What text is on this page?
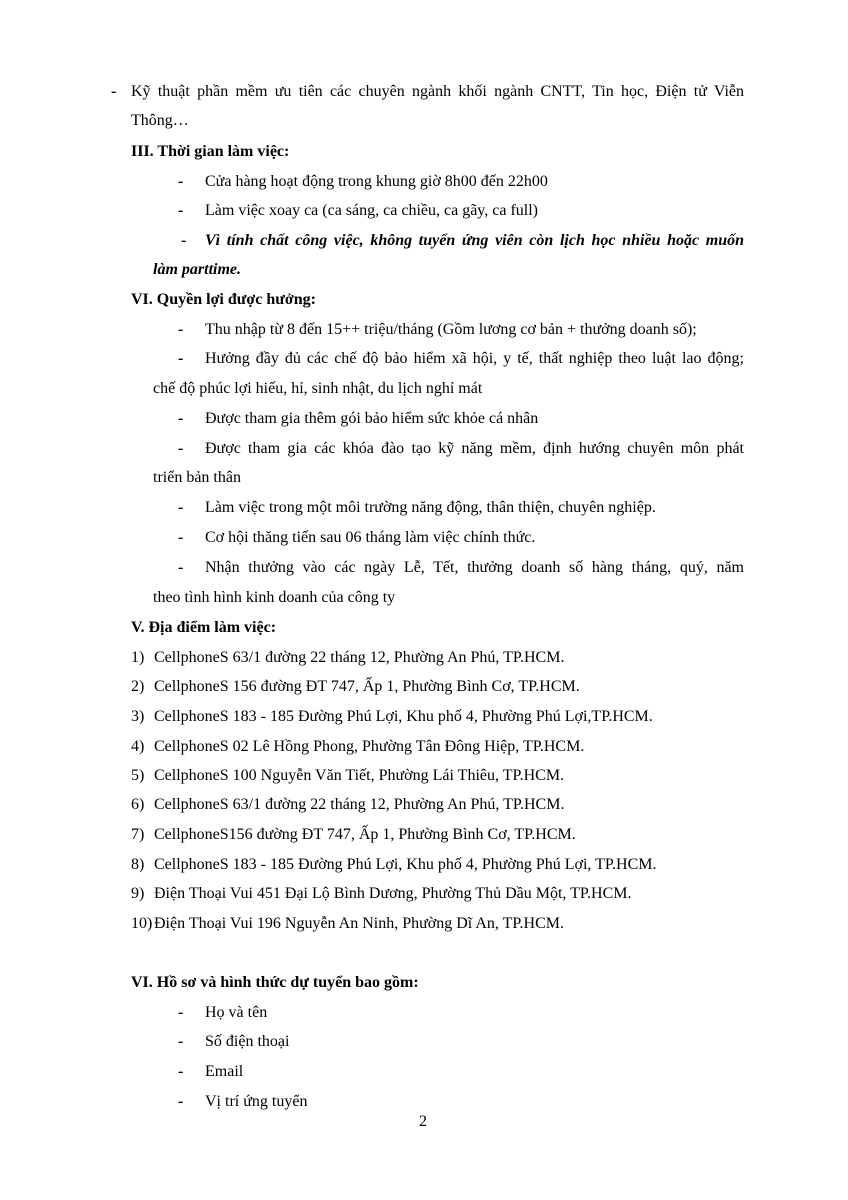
- Kỹ thuật phần mềm ưu tiên các chuyên ngành khối ngành CNTT, Tin học, Điện tử Viễn
Thông…
III. Thời gian làm việc:
- Cửa hàng hoạt động trong khung giờ 8h00 đến 22h00
- Làm việc xoay ca (ca sáng, ca chiều, ca gãy, ca full)
- Vì tính chất công việc, không tuyển ứng viên còn lịch học nhiều hoặc muốn
làm parttime.
VI. Quyền lợi được hưởng:
- Thu nhập từ 8 đến 15++ triệu/tháng (Gồm lương cơ bản + thưởng doanh số);
- Hưởng đầy đủ các chế độ bảo hiểm xã hội, y tế, thất nghiệp theo luật lao động;
chế độ phúc lợi hiếu, hỉ, sinh nhật, du lịch nghỉ mát
- Được tham gia thêm gói bảo hiểm sức khỏe cá nhân
- Được tham gia các khóa đào tạo kỹ năng mềm, định hướng chuyên môn phát
triển bản thân
- Làm việc trong một môi trường năng động, thân thiện, chuyên nghiệp.
- Cơ hội thăng tiến sau 06 tháng làm việc chính thức.
- Nhận thưởng vào các ngày Lễ, Tết, thưởng doanh số hàng tháng, quý, năm
theo tình hình kinh doanh của công ty
V. Địa điểm làm việc:
1) CellphoneS 63/1 đường 22 tháng 12, Phường An Phú, TP.HCM.
2) CellphoneS 156 đường ĐT 747, Ấp 1, Phường Bình Cơ, TP.HCM.
3) CellphoneS 183 - 185 Đường Phú Lợi, Khu phố 4, Phường Phú Lợi,TP.HCM.
4) CellphoneS 02 Lê Hồng Phong, Phường Tân Đông Hiệp, TP.HCM.
5) CellphoneS 100 Nguyễn Văn Tiết, Phường Lái Thiêu, TP.HCM.
6) CellphoneS 63/1 đường 22 tháng 12, Phường An Phú, TP.HCM.
7) CellphoneS156 đường ĐT 747, Ấp 1, Phường Bình Cơ, TP.HCM.
8) CellphoneS 183 - 185 Đường Phú Lợi, Khu phố 4, Phường Phú Lợi, TP.HCM.
9) Điện Thoại Vui 451 Đại Lộ Bình Dương, Phường Thủ Dầu Một, TP.HCM.
10) Điện Thoại Vui 196 Nguyễn An Ninh, Phường Dĩ An, TP.HCM.
VI. Hồ sơ và hình thức dự tuyển bao gồm:
- Họ và tên
- Số điện thoại
- Email
- Vị trí ứng tuyển
2
